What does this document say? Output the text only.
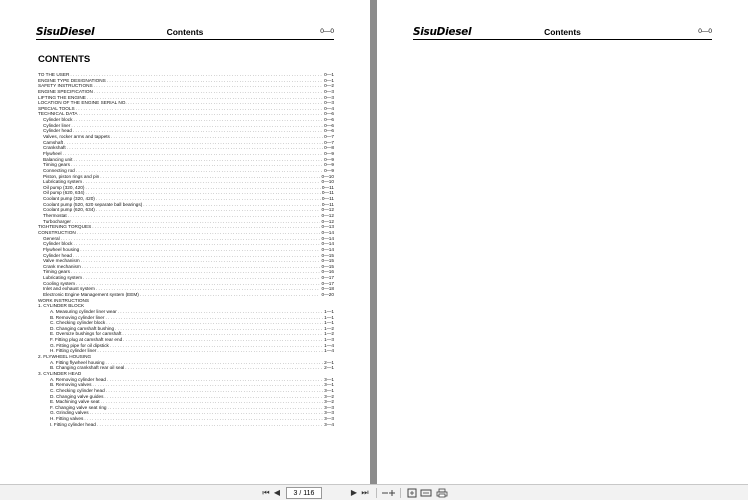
SisuDiesel	Contents	0—0
CONTENTS
TO THE USER . . .	0—1
ENGINE TYPE DESIGNATIONS . . .	0—1
SAFETY INSTRUCTIONS . . .	0—2
ENGINE SPECIFICATION . . .	0—3
LIFTING THE ENGINE . . .	0—3
LOCATION OF THE ENGINE SERIAL NO. . . .	0—3
SPECIAL TOOLS . . .	0—4
TECHNICAL DATA . . .	0—6
Cylinder block . . .	0—6
Cylinder liner . . .	0—6
Cylinder head . . .	0—6
Valves, rocker arms and tappets . . .	0—7
Camshaft . . .	0—7
Crankshaft . . .	0—8
Flywheel . . .	0—9
Balancing unit . . .	0—9
Timing gears . . .	0—9
Connecting rod . . .	0—9
Piston, piston rings and pin . . .	0—10
Lubricating system . . .	0—10
Oil pump (320, 420) . . .	0—11
Oil pump (620, 634) . . .	0—11
Coolant pump (320, 420) . . .	0—11
Coolant pump (520, 620 separate ball bearings) . . .	0—11
Coolant pump (620, 634) . . .	0—12
Thermostat . . .	0—12
Turbocharger . . .	0—12
TIGHTENING TORQUES . . .	0—13
CONSTRUCTION . . .	0—14
General . . .	0—14
Cylinder block . . .	0—14
Flywheel housing . . .	0—14
Cylinder head . . .	0—15
Valve mechanism . . .	0—15
Crank mechanism . . .	0—15
Timing gears . . .	0—16
Lubricating system . . .	0—17
Cooling system . . .	0—17
Inlet and exhaust system . . .	0—18
Electronic Engine Management system (EEM) . . .	0—20
WORK INSTRUCTIONS
1. CYLINDER BLOCK
A. Measuring cylinder liner wear . . .	1—1
B. Removing cylinder liner . . .	1—1
C. Checking cylinder block . . .	1—1
D. Changing camshaft bushing . . .	1—2
E. Oversize bushings for camshaft . . .	1—2
F. Fitting plug at camshaft rear end . . .	1—3
G. Fitting pipe for oil dipstick . . .	1—4
H. Fitting cylinder liner . . .	1—4
2. FLYWHEEL HOUSING
A. Fitting flywheel housing . . .	2—1
B. Changing crankshaft rear oil seal . . .	2—1
3. CYLINDER HEAD
A. Removing cylinder head . . .	3—1
B. Removing valves . . .	3—1
C. Checking cylinder head . . .	3—1
D. Changing valve guides . . .	3—2
E. Machining valve seat . . .	3—2
F. Changing valve seat ring . . .	3—3
G. Grinding valves . . .	3—3
H. Fitting valves . . .	3—3
I. Fitting cylinder head . . .	3—4
SisuDiesel	Contents	0—0
⏮ ◀
3 / 116	▶ ⏭
